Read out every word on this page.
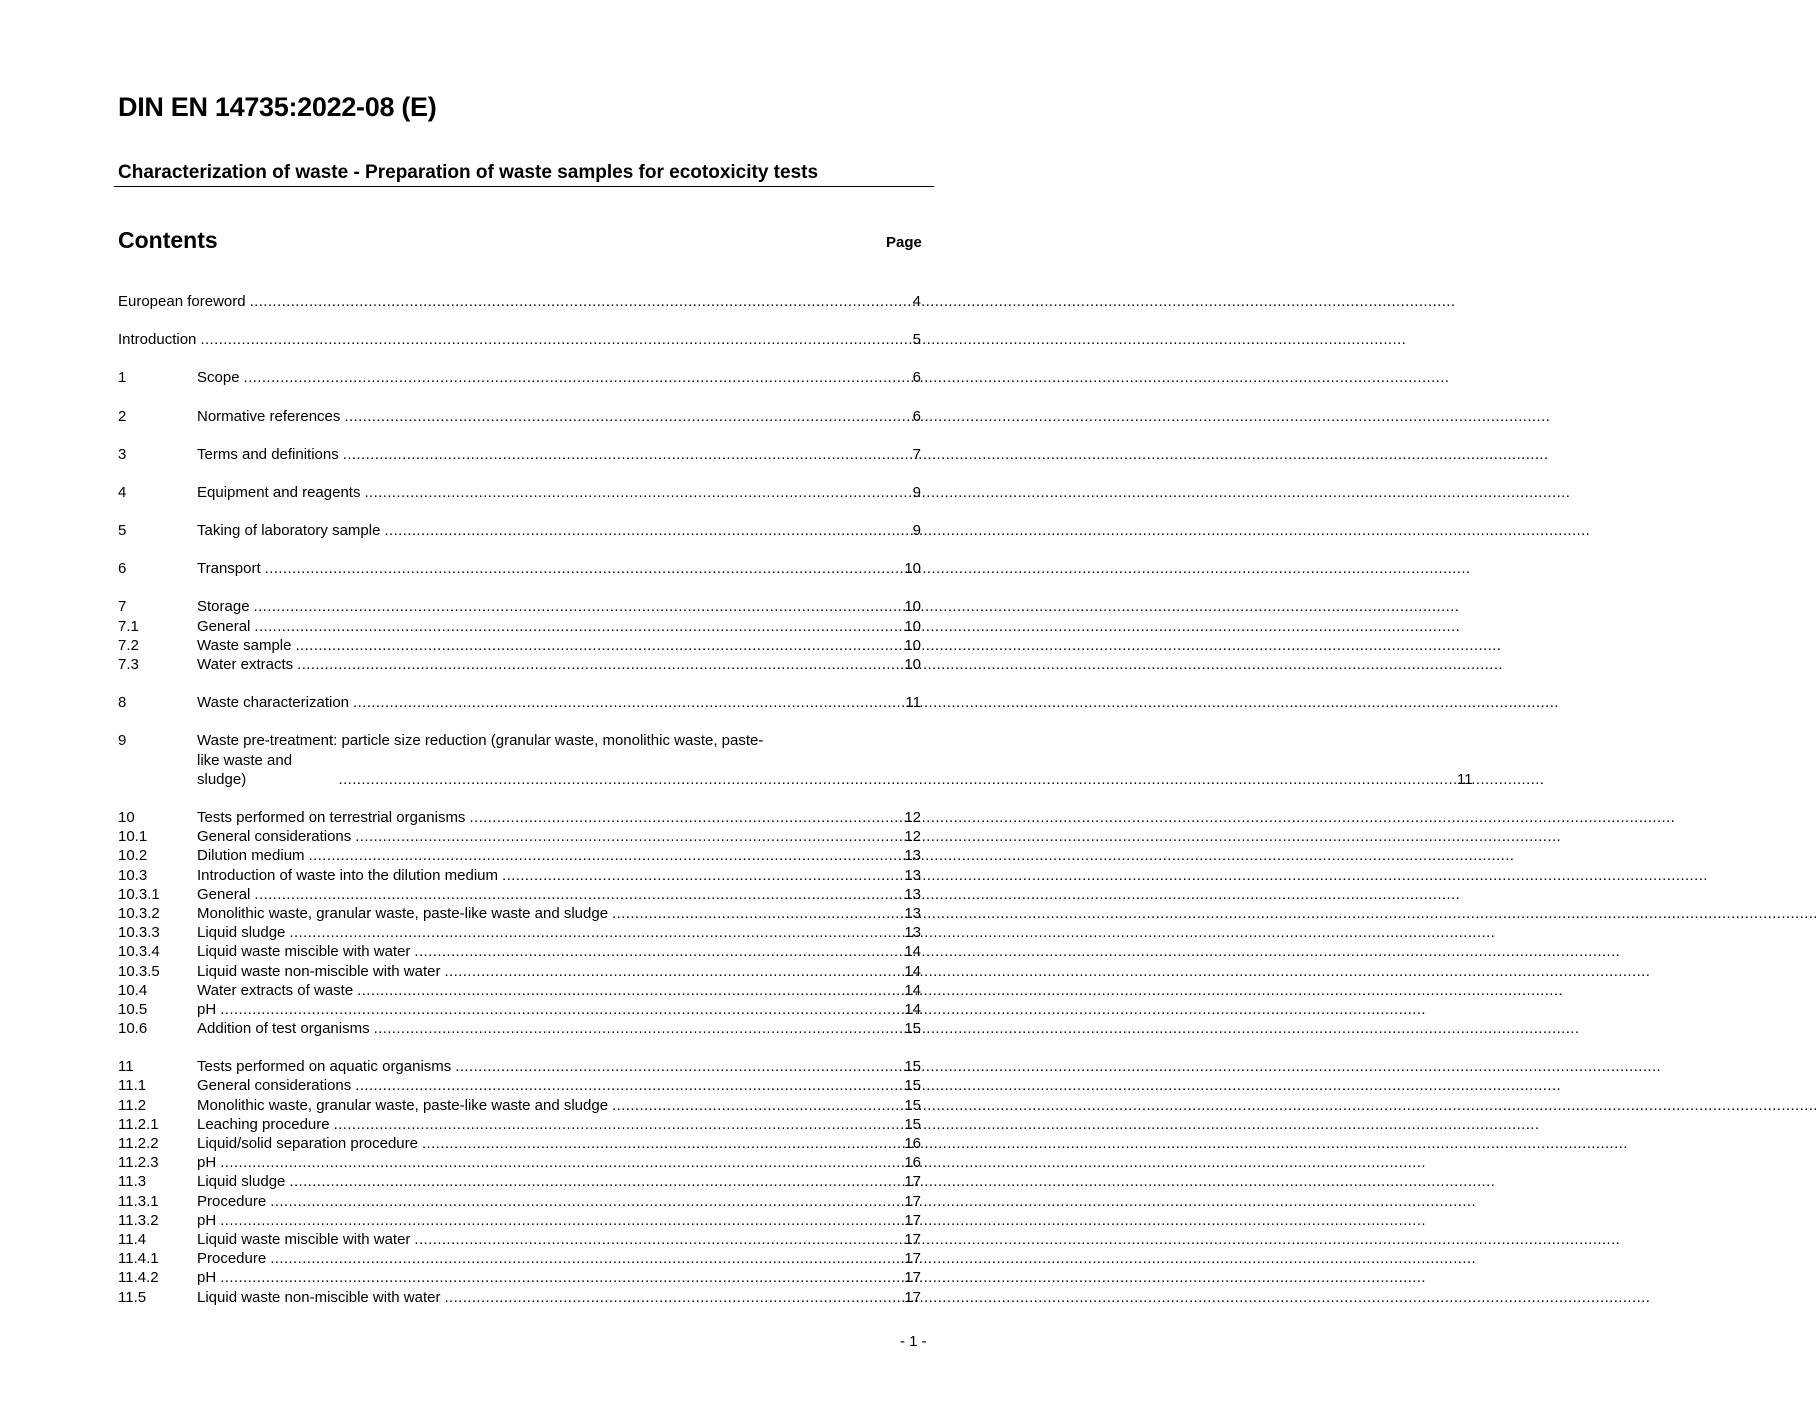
DIN EN 14735:2022-08 (E)
Characterization of waste - Preparation of waste samples for ecotoxicity tests
Contents	Page
European foreword .....	4
Introduction .....	5
1	Scope .....	6
2	Normative references .....	6
3	Terms and definitions .....	7
4	Equipment and reagents .....	9
5	Taking of laboratory sample .....	9
6	Transport .....	10
7	Storage .....	10
7.1	General .....	10
7.2	Waste sample .....	10
7.3	Water extracts .....	10
8	Waste characterization .....	11
9	Waste pre-treatment: particle size reduction (granular waste, monolithic waste, paste-
like waste and sludge) .....	11
10	Tests performed on terrestrial organisms .....	12
10.1	General considerations .....	12
10.2	Dilution medium .....	13
10.3	Introduction of waste into the dilution medium .....	13
10.3.1	General .....	13
10.3.2	Monolithic waste, granular waste, paste-like waste and sludge .....	13
10.3.3	Liquid sludge .....	13
10.3.4	Liquid waste miscible with water .....	14
10.3.5	Liquid waste non-miscible with water .....	14
10.4	Water extracts of waste .....	14
10.5	pH .....	14
10.6	Addition of test organisms .....	15
11	Tests performed on aquatic organisms .....	15
11.1	General considerations .....	15
11.2	Monolithic waste, granular waste, paste-like waste and sludge .....	15
11.2.1	Leaching procedure .....	15
11.2.2	Liquid/solid separation procedure .....	16
11.2.3	pH .....	16
11.3	Liquid sludge .....	17
11.3.1	Procedure .....	17
11.3.2	pH .....	17
11.4	Liquid waste miscible with water .....	17
11.4.1	Procedure .....	17
11.4.2	pH .....	17
11.5	Liquid waste non-miscible with water .....	17
- 1 -
